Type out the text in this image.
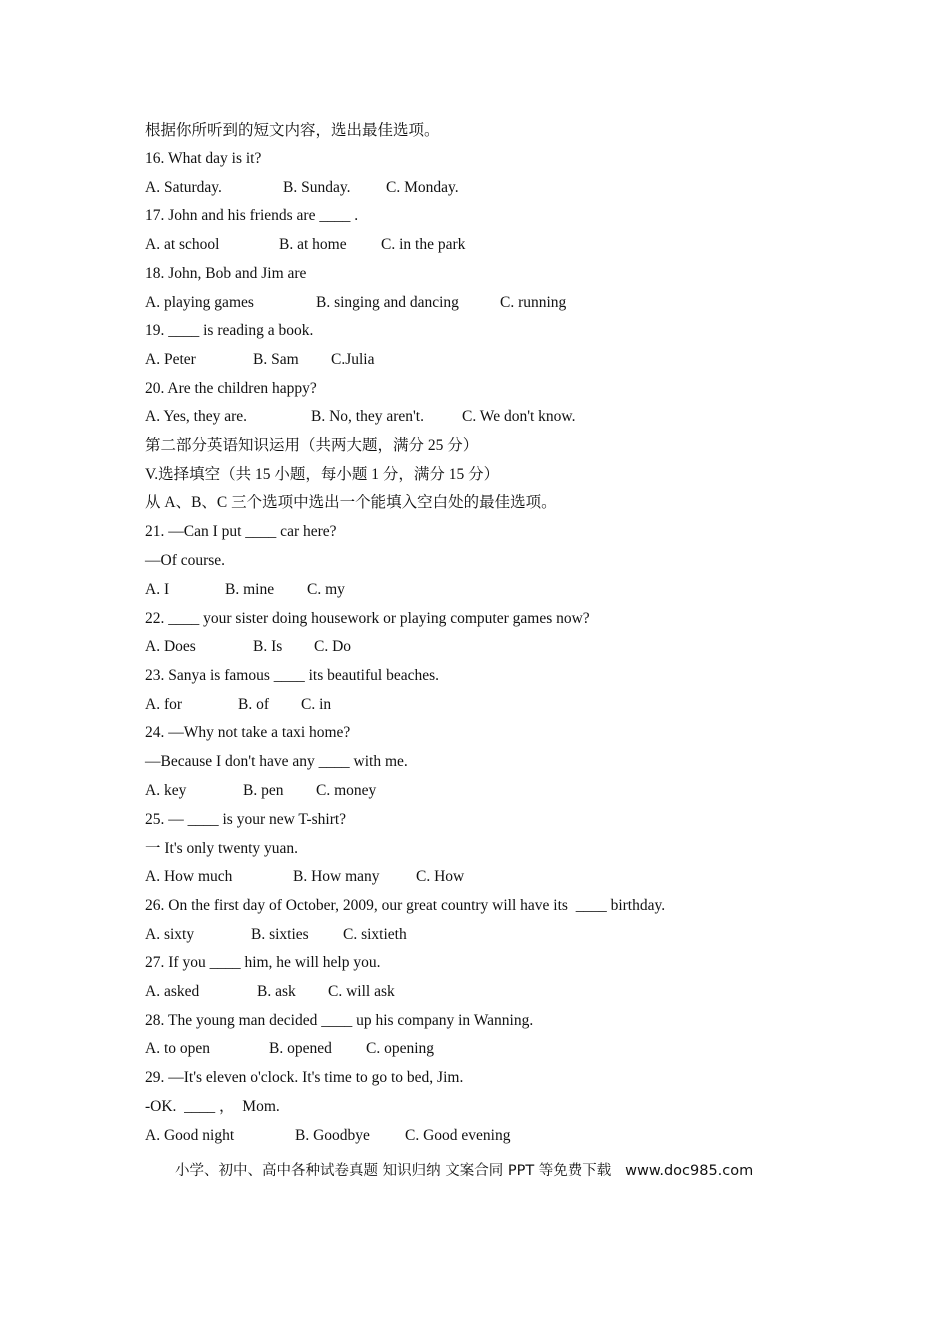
根据你所听到的短文内容，选出最佳选项。
16. What day is it?
A. Saturday.	B. Sunday. C. Monday.
17. John and his friends are ____ .
A. at school	B. at home C. in the park
18. John, Bob and Jim are
A. playing games	B. singing and dancing	C. running
19. ____ is reading a book.
A. Peter	B. Sam C.Julia
20. Are the children happy?
A. Yes, they are.	B. No, they aren't. C. We don't know.
第二部分英语知识运用（共两大题，满分 25 分）
V.选择填空（共 15 小题，每小题 1 分，满分 15 分）
从 A、B、C 三个选项中选出一个能填入空白处的最佳选项。
21. —Can I put ____ car here?
—Of course.
A. I	B. mine C. my
22. ____ your sister doing housework or playing computer games now?
A. Does	B. Is C. Do
23. Sanya is famous ____ its beautiful beaches.
A. for	B. of C. in
24. —Why not take a taxi home?
—Because I don't have any ____ with me.
A. key	B. pen C. money
25. — ____ is your new T-shirt?
一 It's only twenty yuan.
A. How much	B. How many C. How
26. On the first day of October, 2009, our great country will have its  ____ birthday.
A. sixty	B. sixties C. sixtieth
27. If you ____ him, he will help you.
A. asked	B. ask C. will ask
28. The young man decided ____ up his company in Wanning.
A. to open	B. opened C. opening
29. —It's eleven o'clock. It's time to go to bed, Jim.
-OK.  ____ ，  Mom.
A. Good night	B. Goodbye C. Good evening
小学、初中、高中各种试卷真题 知识归纳 文案合同 PPT 等免费下载   www.doc985.com
